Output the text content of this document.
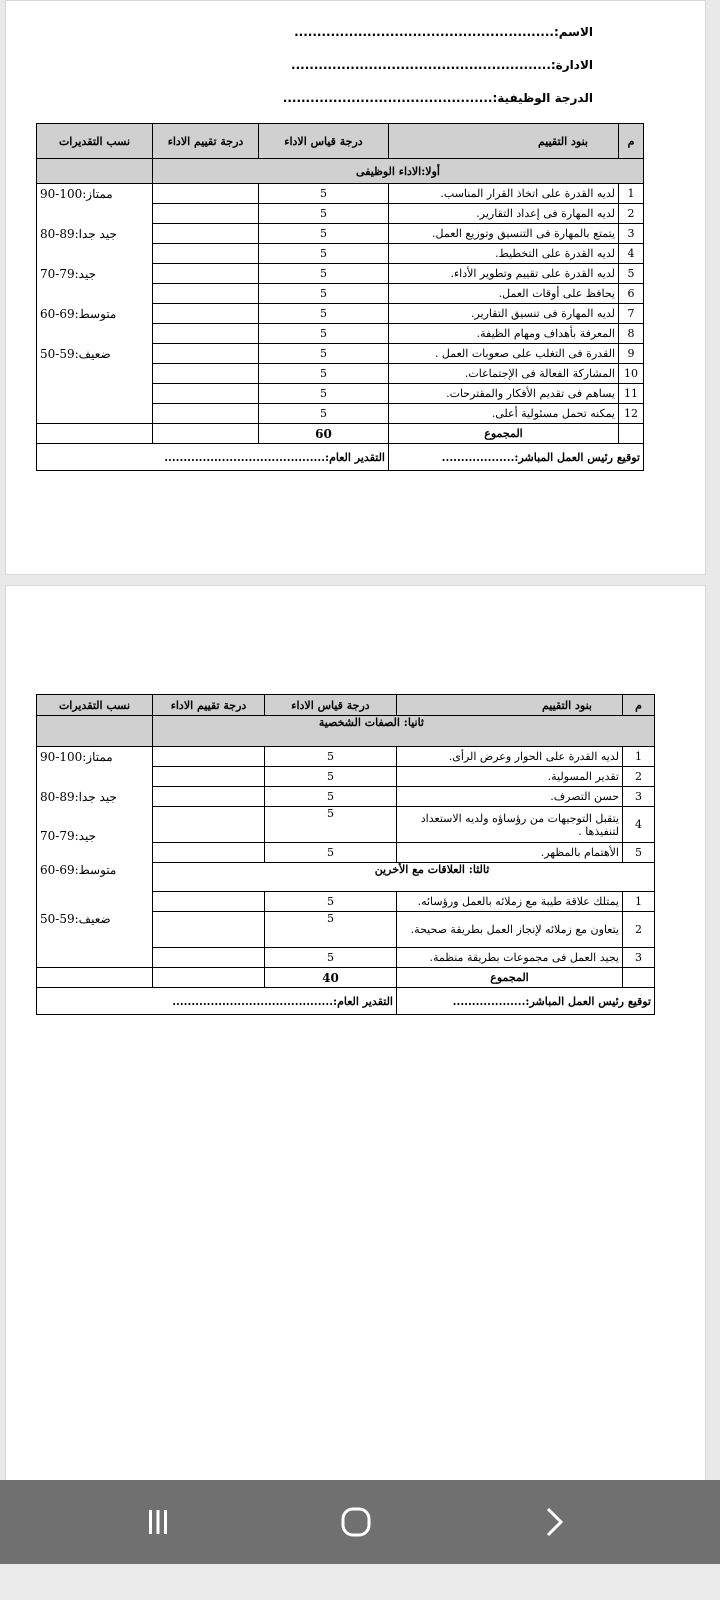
الاسم:.........................................................
الادارة:.........................................................
الدرجة الوظيفية:..............................................
م	بنود التقييم	درجة قياس الاداء	درجة تقييم الاداء	نسب التقديرات
أولا:الاداء الوظيفى				
1	لديه القدرة على اتخاذ القرار المناسب.	5		ممتاز:100-90
2	لديه المهارة فى إعداد التقارير.	5		
3	يتمتع بالمهارة فى التنسيق وتوزيع العمل.	5		جيد جدا:89-80
4	لديه القدرة على التخطيط.	5		
5	لديه القدرة على تقييم وتطوير الأداء.	5		جيد:79-70
6	يحافظ على أوقات العمل.	5		
7	لديه المهارة فى تنسيق التقارير.	5		متوسط:69-60
8	المعرفة بأهداف ومهام الظيفة.	5		
9	القدرة فى التغلب على صعوبات العمل .	5		ضعيف:59-50
10	المشاركة الفعالة فى الإجتماعات.	5		
11	يساهم فى تقديم الأفكار والمقترحات.	5		
12	يمكنه تحمل مسئولية أعلى.	5		
	المجموع	60		
توقيع رئيس العمل المباشر:...................		التقدير العام:..........................................		
م	بنود التقييم	درجة قياس الاداء	درجة تقييم الاداء	نسب التقديرات
ثانيا: الصفات الشخصية				
1	لديه القدرة على الحوار وعرض الرأى.	5		ممتاز:100-90
2	تقدير المسولية.	5		
3	حسن التصرف.	5		جيد جدا:89-80
4	يتقبل التوجيهات من رؤساؤه ولديه الاستعداد لتنفيذها .	5		جيد:79-70
5	الأهتمام بالمظهر.	5		
ثالثا: العلاقات مع الأخرين				متوسط:69-60
1	يمتلك علاقة طيبة مع زملائه بالعمل ورؤسائه.	5		
2	يتعاون مع زملائه لإنجاز العمل بطريقة صحيحة.	5		ضعيف:59-50
3	يجيد العمل فى مجموعات بطريقة منظمة.	5		
	المجموع	40		
توقيع رئيس العمل المباشر:...................		التقدير العام:..........................................		
